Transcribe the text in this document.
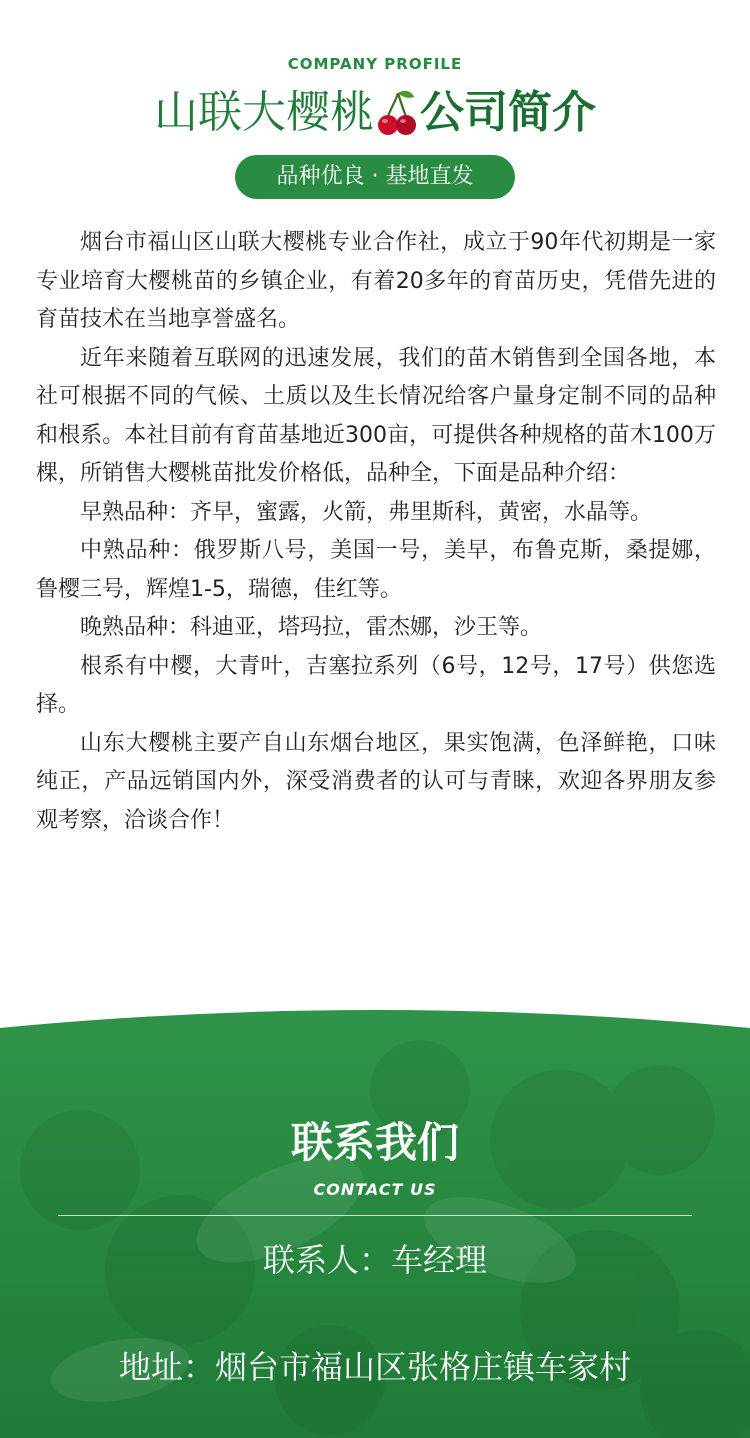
COMPANY PROFILE
山联大樱桃 公司简介
品种优良 · 基地直发

烟台市福山区山联大樱桃专业合作社，成立于90年代初期是一家专业培育大樱桃苗的乡镇企业，有着20多年的育苗历史，凭借先进的育苗技术在当地享誉盛名。

近年来随着互联网的迅速发展，我们的苗木销售到全国各地，本社可根据不同的气候、土质以及生长情况给客户量身定制不同的品种和根系。本社目前有育苗基地近300亩，可提供各种规格的苗木100万棵，所销售大樱桃苗批发价格低，品种全，下面是品种介绍：

早熟品种：齐早，蜜露，火箭，弗里斯科，黄密，水晶等。

中熟品种：俄罗斯八号，美国一号，美早，布鲁克斯，桑提娜，鲁樱三号，辉煌1-5，瑞德，佳红等。

晚熟品种：科迪亚，塔玛拉，雷杰娜，沙王等。

根系有中樱，大青叶，吉塞拉系列（6号，12号，17号）供您选择。

山东大樱桃主要产自山东烟台地区，果实饱满，色泽鲜艳，口味纯正，产品远销国内外，深受消费者的认可与青睐，欢迎各界朋友参观考察，洽谈合作！

联系我们
CONTACT US
联系人：车经理
地址：烟台市福山区张格庄镇车家村
